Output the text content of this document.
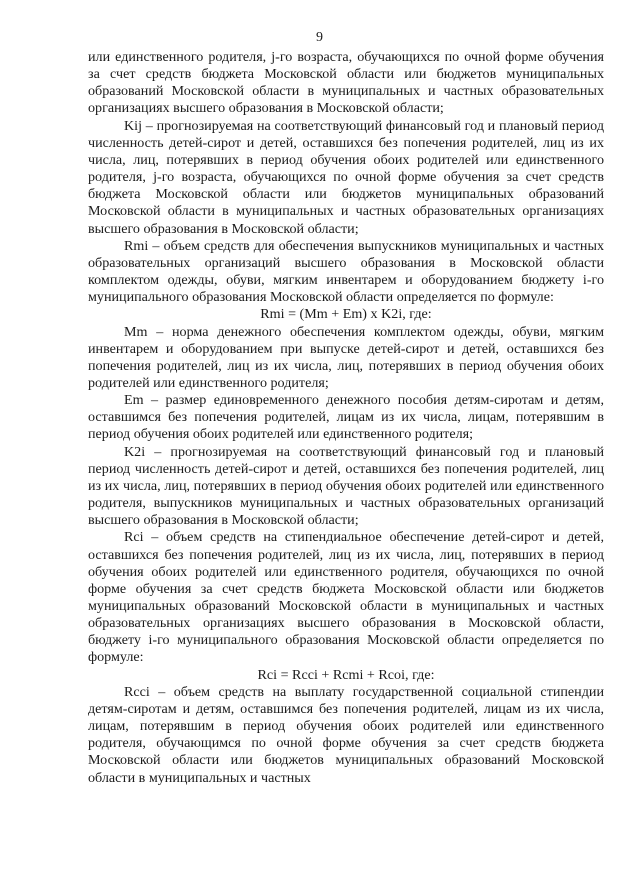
9

или единственного родителя, j-го возраста, обучающихся по очной форме обучения за счет средств бюджета Московской области или бюджетов муниципальных образований Московской области в муниципальных и частных образовательных организациях высшего образования в Московской области;

Kij – прогнозируемая на соответствующий финансовый год и плановый период численность детей-сирот и детей, оставшихся без попечения родителей, лиц из их числа, лиц, потерявших в период обучения обоих родителей или единственного родителя, j-го возраста, обучающихся по очной форме обучения за счет средств бюджета Московской области или бюджетов муниципальных образований Московской области в муниципальных и частных образовательных организациях высшего образования в Московской области;

Rmi – объем средств для обеспечения выпускников муниципальных и частных образовательных организаций высшего образования в Московской области комплектом одежды, обуви, мягким инвентарем и оборудованием бюджету i-го муниципального образования Московской области определяется по формуле:

Rmi = (Mm + Em) x K2i, где:

Mm – норма денежного обеспечения комплектом одежды, обуви, мягким инвентарем и оборудованием при выпуске детей-сирот и детей, оставшихся без попечения родителей, лиц из их числа, лиц, потерявших в период обучения обоих родителей или единственного родителя;

Em – размер единовременного денежного пособия детям-сиротам и детям, оставшимся без попечения родителей, лицам из их числа, лицам, потерявшим в период обучения обоих родителей или единственного родителя;

K2i – прогнозируемая на соответствующий финансовый год и плановый период численность детей-сирот и детей, оставшихся без попечения родителей, лиц из их числа, лиц, потерявших в период обучения обоих родителей или единственного родителя, выпускников муниципальных и частных образовательных организаций высшего образования в Московской области;

Rci – объем средств на стипендиальное обеспечение детей-сирот и детей, оставшихся без попечения родителей, лиц из их числа, лиц, потерявших в период обучения обоих родителей или единственного родителя, обучающихся по очной форме обучения за счет средств бюджета Московской области или бюджетов муниципальных образований Московской области в муниципальных и частных образовательных организациях высшего образования в Московской области, бюджету i-го муниципального образования Московской области определяется по формуле:

Rci = Rcci + Rcmi + Rcoi, где:

Rcci – объем средств на выплату государственной социальной стипендии детям-сиротам и детям, оставшимся без попечения родителей, лицам из их числа, лицам, потерявшим в период обучения обоих родителей или единственного родителя, обучающимся по очной форме обучения за счет средств бюджета Московской области или бюджетов муниципальных образований Московской области в муниципальных и частных
